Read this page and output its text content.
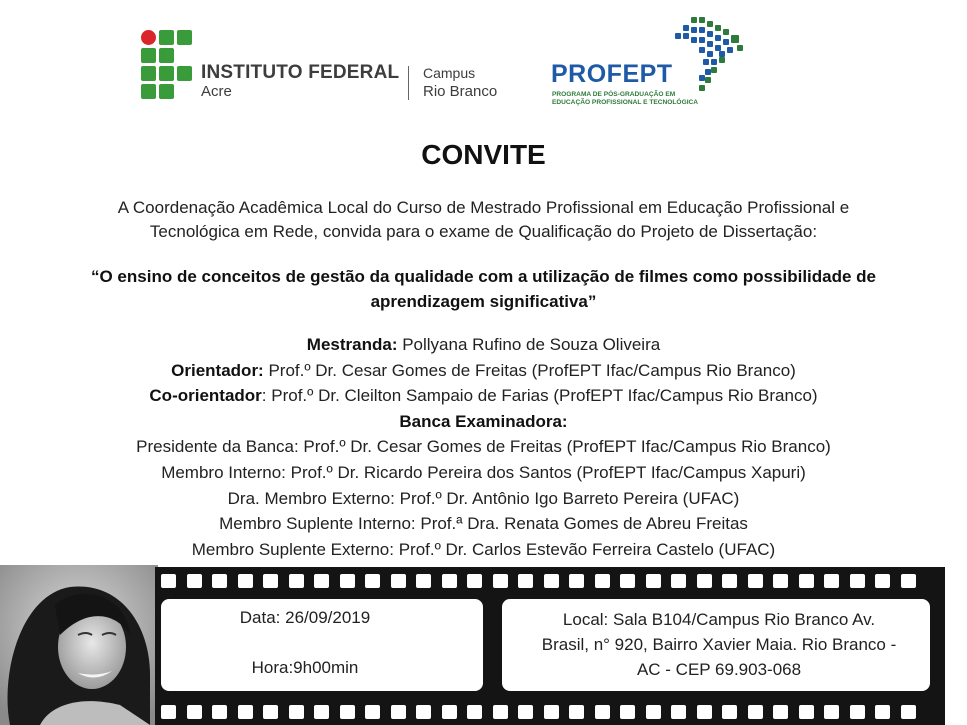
INSTITUTO FEDERAL
Acre
Campus
Rio Branco
PROFEPT
PROGRAMA DE PÓS-GRADUAÇÃO EM
EDUCAÇÃO PROFISSIONAL E TECNOLÓGICA
CONVITE
A Coordenação Acadêmica Local do Curso de Mestrado Profissional em Educação Profissional e
Tecnológica em Rede, convida para o exame de Qualificação do Projeto de Dissertação:
“O ensino de conceitos de gestão da qualidade com a utilização de filmes como possibilidade de
aprendizagem significativa”
Mestranda: Pollyana Rufino de Souza Oliveira
Orientador: Prof.º Dr. Cesar Gomes de Freitas (ProfEPT Ifac/Campus Rio Branco)
Co-orientador: Prof.º Dr. Cleilton Sampaio de Farias (ProfEPT Ifac/Campus Rio Branco)
Banca Examinadora:
Presidente da Banca: Prof.º Dr. Cesar Gomes de Freitas (ProfEPT Ifac/Campus Rio Branco)
Membro Interno: Prof.º Dr. Ricardo Pereira dos Santos (ProfEPT Ifac/Campus Xapuri)
Dra. Membro Externo: Prof.º Dr. Antônio Igo Barreto Pereira (UFAC)
Membro Suplente Interno: Prof.ª Dra. Renata Gomes de Abreu Freitas
Membro Suplente Externo: Prof.º Dr. Carlos Estevão Ferreira Castelo (UFAC)
Data: 26/09/2019
Hora:9h00min
Local: Sala B104/Campus Rio Branco Av.
Brasil, n° 920, Bairro Xavier Maia. Rio Branco -
AC - CEP 69.903-068
